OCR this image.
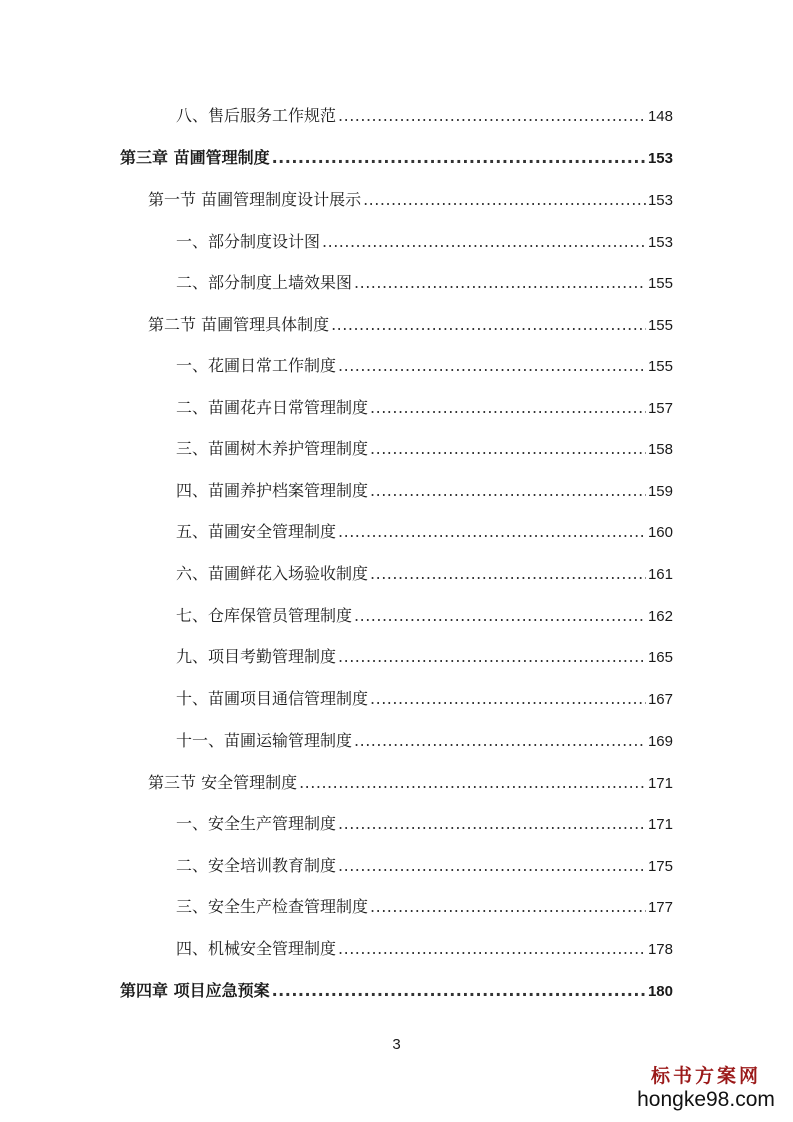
八、售后服务工作规范 .....	148
第三章 苗圃管理制度 .....	153
第一节 苗圃管理制度设计展示 .....	153
一、部分制度设计图 .....	153
二、部分制度上墙效果图 .....	155
第二节 苗圃管理具体制度 .....	155
一、花圃日常工作制度 .....	155
二、苗圃花卉日常管理制度 .....	157
三、苗圃树木养护管理制度 .....	158
四、苗圃养护档案管理制度 .....	159
五、苗圃安全管理制度 .....	160
六、苗圃鲜花入场验收制度 .....	161
七、仓库保管员管理制度 .....	162
九、项目考勤管理制度 .....	165
十、苗圃项目通信管理制度 .....	167
十一、苗圃运输管理制度 .....	169
第三节 安全管理制度 .....	171
一、安全生产管理制度 .....	171
二、安全培训教育制度 .....	175
三、安全生产检查管理制度 .....	177
四、机械安全管理制度 .....	178
第四章 项目应急预案 .....	180
3
标书方案网
hongke98.com
